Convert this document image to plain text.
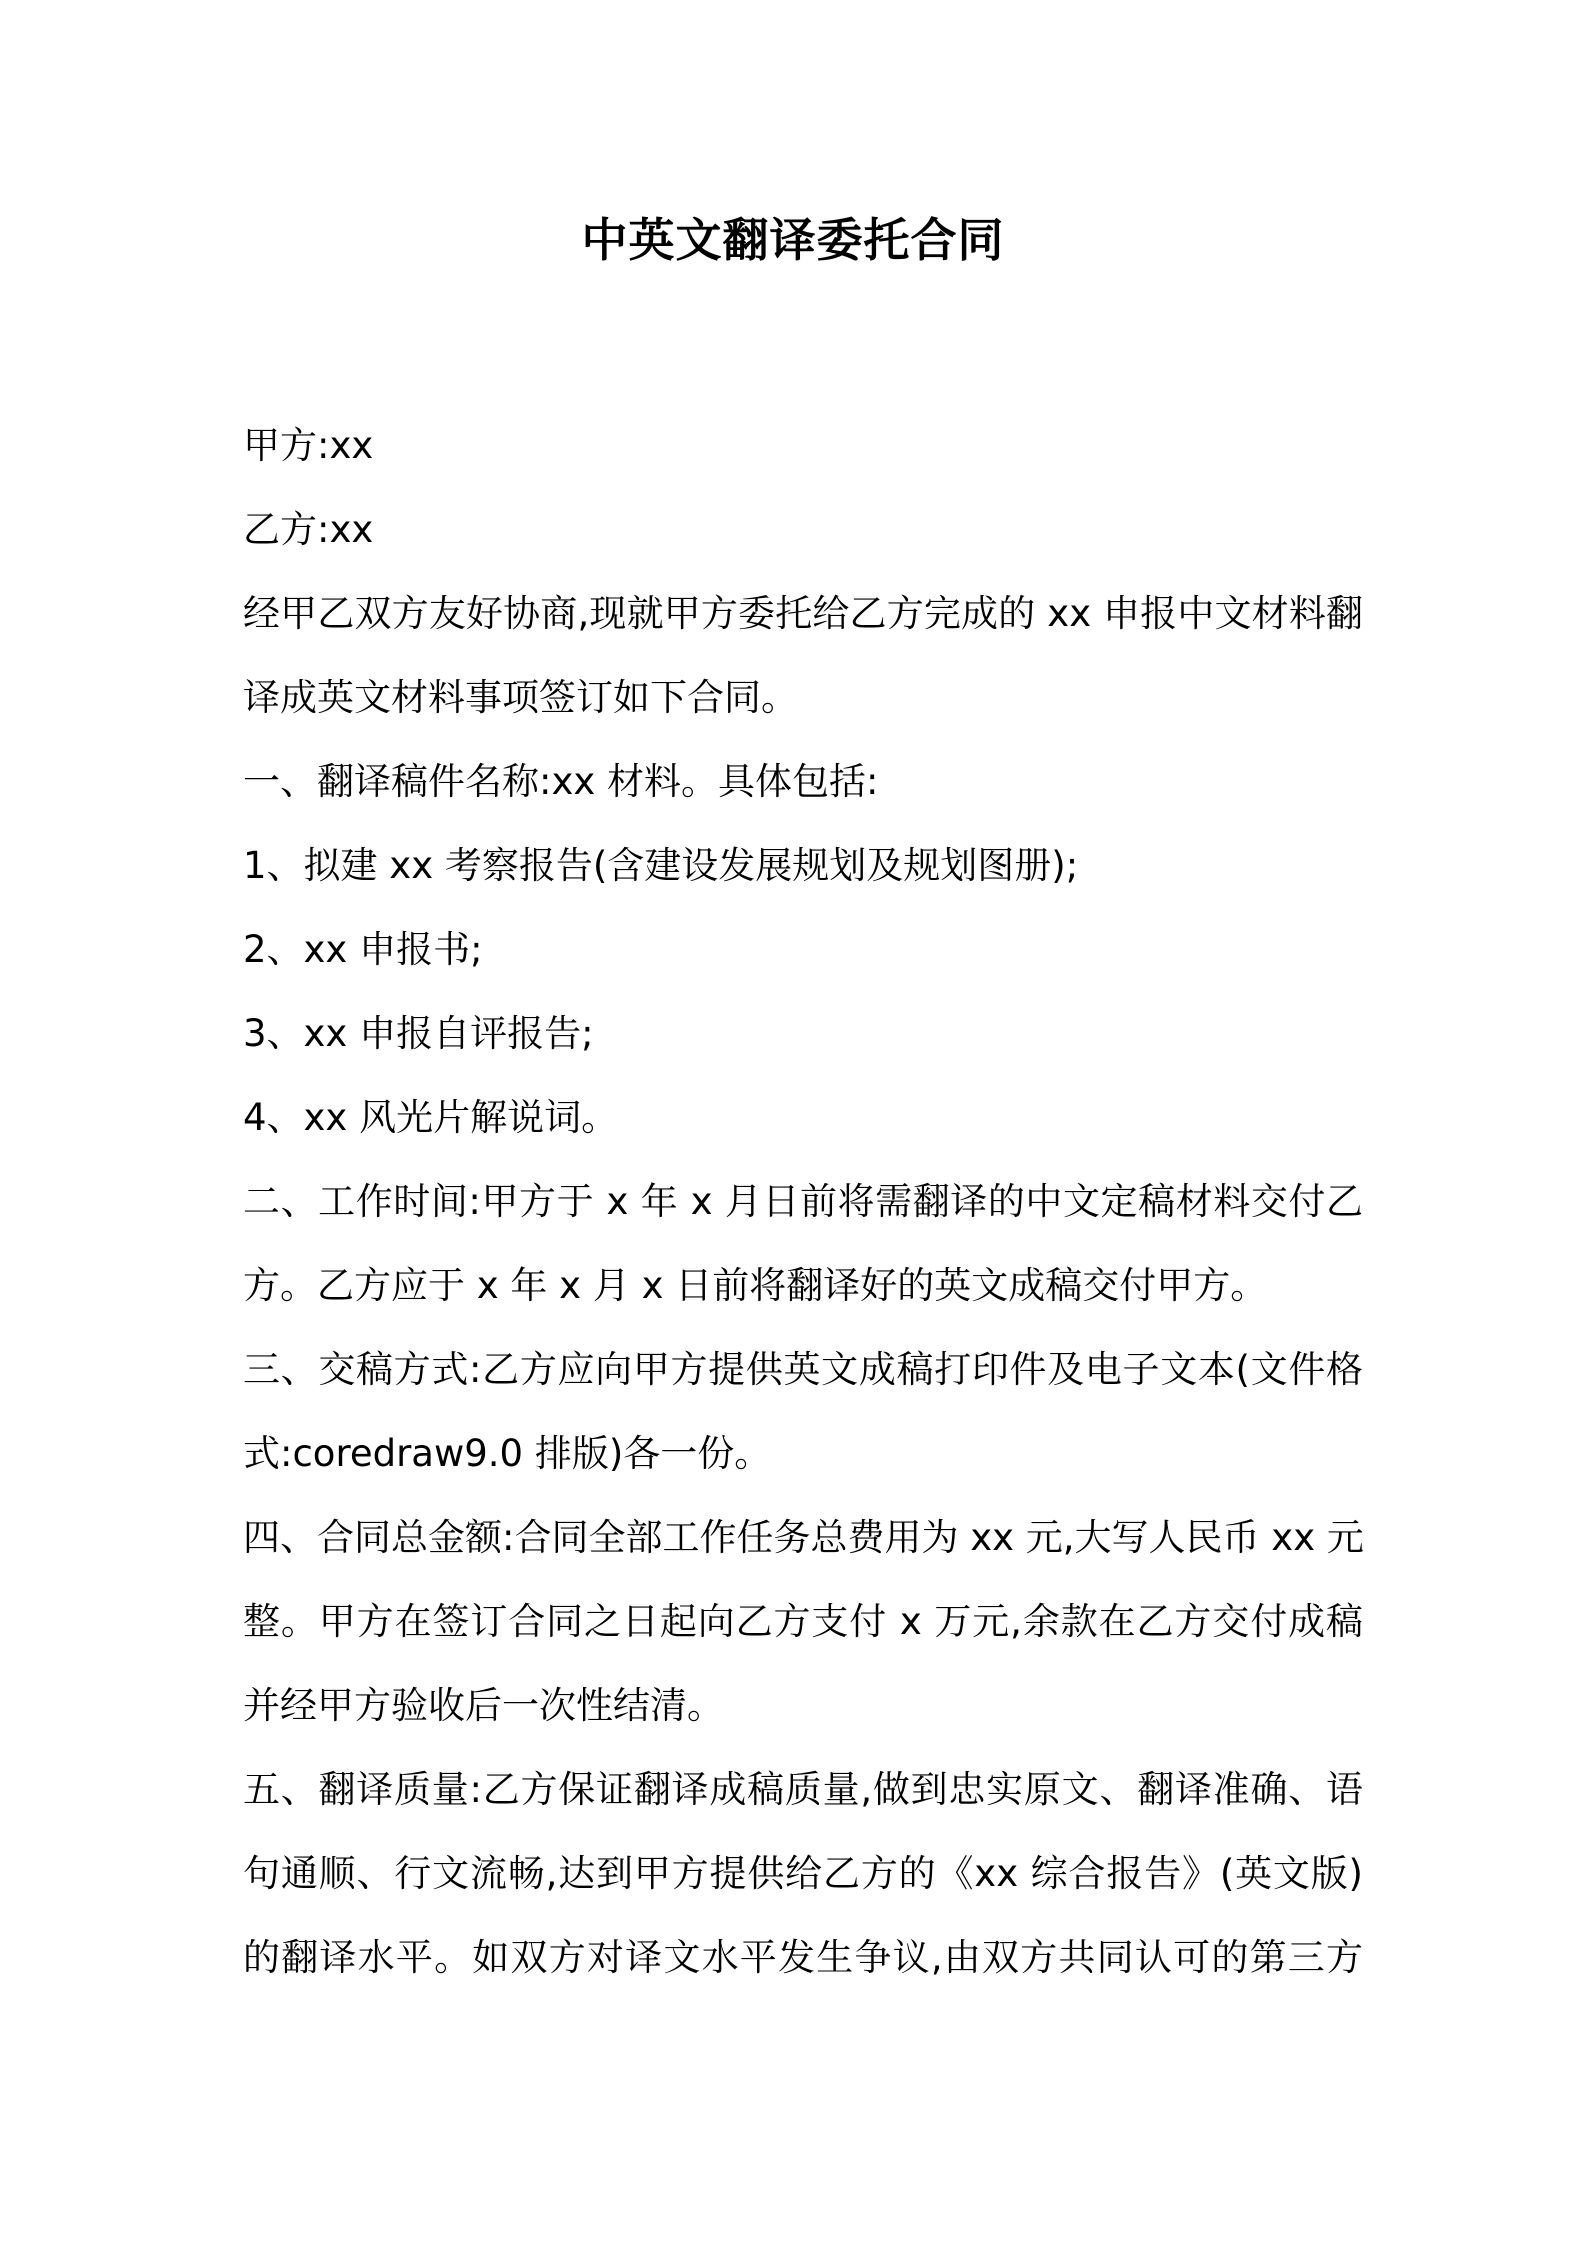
中英文翻译委托合同

甲方:xx

乙方:xx

经甲乙双方友好协商,现就甲方委托给乙方完成的 xx 申报中文材料翻
译成英文材料事项签订如下合同。

一、翻译稿件名称:xx 材料。具体包括:

1、拟建 xx 考察报告(含建设发展规划及规划图册);

2、xx 申报书;

3、xx 申报自评报告;

4、xx 风光片解说词。

二、工作时间:甲方于 x 年 x 月日前将需翻译的中文定稿材料交付乙
方。乙方应于 x 年 x 月 x 日前将翻译好的英文成稿交付甲方。

三、交稿方式:乙方应向甲方提供英文成稿打印件及电子文本(文件格
式:coredraw9.0 排版)各一份。

四、合同总金额:合同全部工作任务总费用为 xx 元,大写人民币 xx 元
整。甲方在签订合同之日起向乙方支付 x 万元,余款在乙方交付成稿
并经甲方验收后一次性结清。

五、翻译质量:乙方保证翻译成稿质量,做到忠实原文、翻译准确、语
句通顺、行文流畅,达到甲方提供给乙方的《xx 综合报告》(英文版)
的翻译水平。如双方对译文水平发生争议,由双方共同认可的第三方
